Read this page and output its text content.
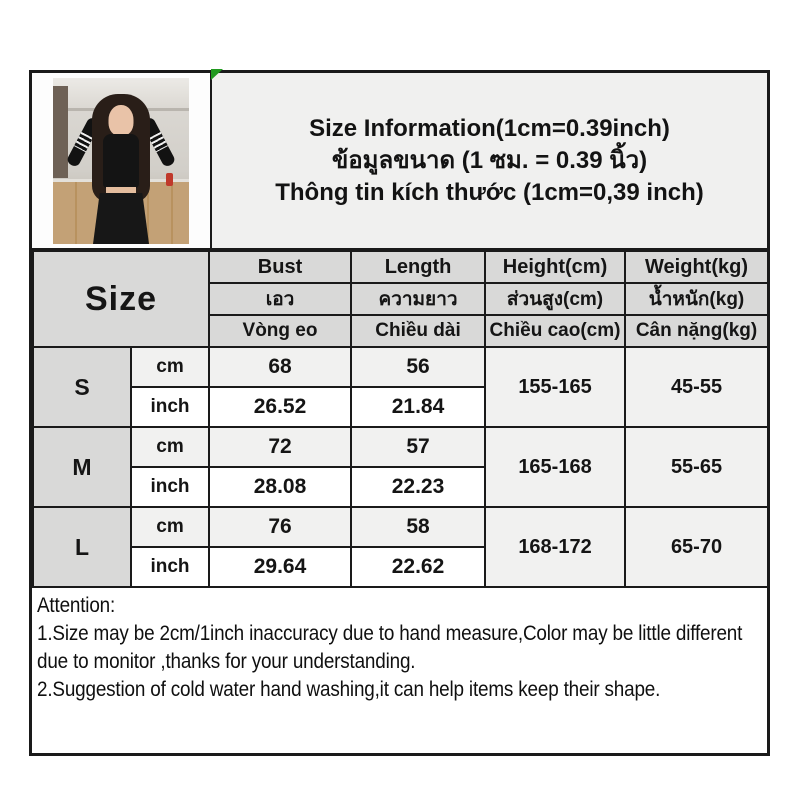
Size Information(1cm=0.39inch)
ข้อมูลขนาด (1 ซม. = 0.39 นิ้ว)
Thông tin kích thước (1cm=0,39 inch)
Size		Bust	Length	Height(cm)	Weight(kg)
		เอว	ความยาว	ส่วนสูง(cm)	น้ำหนัก(kg)
		Vòng eo	Chiều dài	Chiều cao(cm)	Cân nặng(kg)
S	cm	68	56	155-165	45-55
	inch	26.52	21.84		
M	cm	72	57	165-168	55-65
	inch	28.08	22.23		
L	cm	76	58	168-172	65-70
	inch	29.64	22.62		
Attention:
1.Size may be 2cm/1inch inaccuracy due to hand measure,Color may be little different due to monitor ,thanks for your understanding.
2.Suggestion of cold water hand washing,it can help items keep their shape.
